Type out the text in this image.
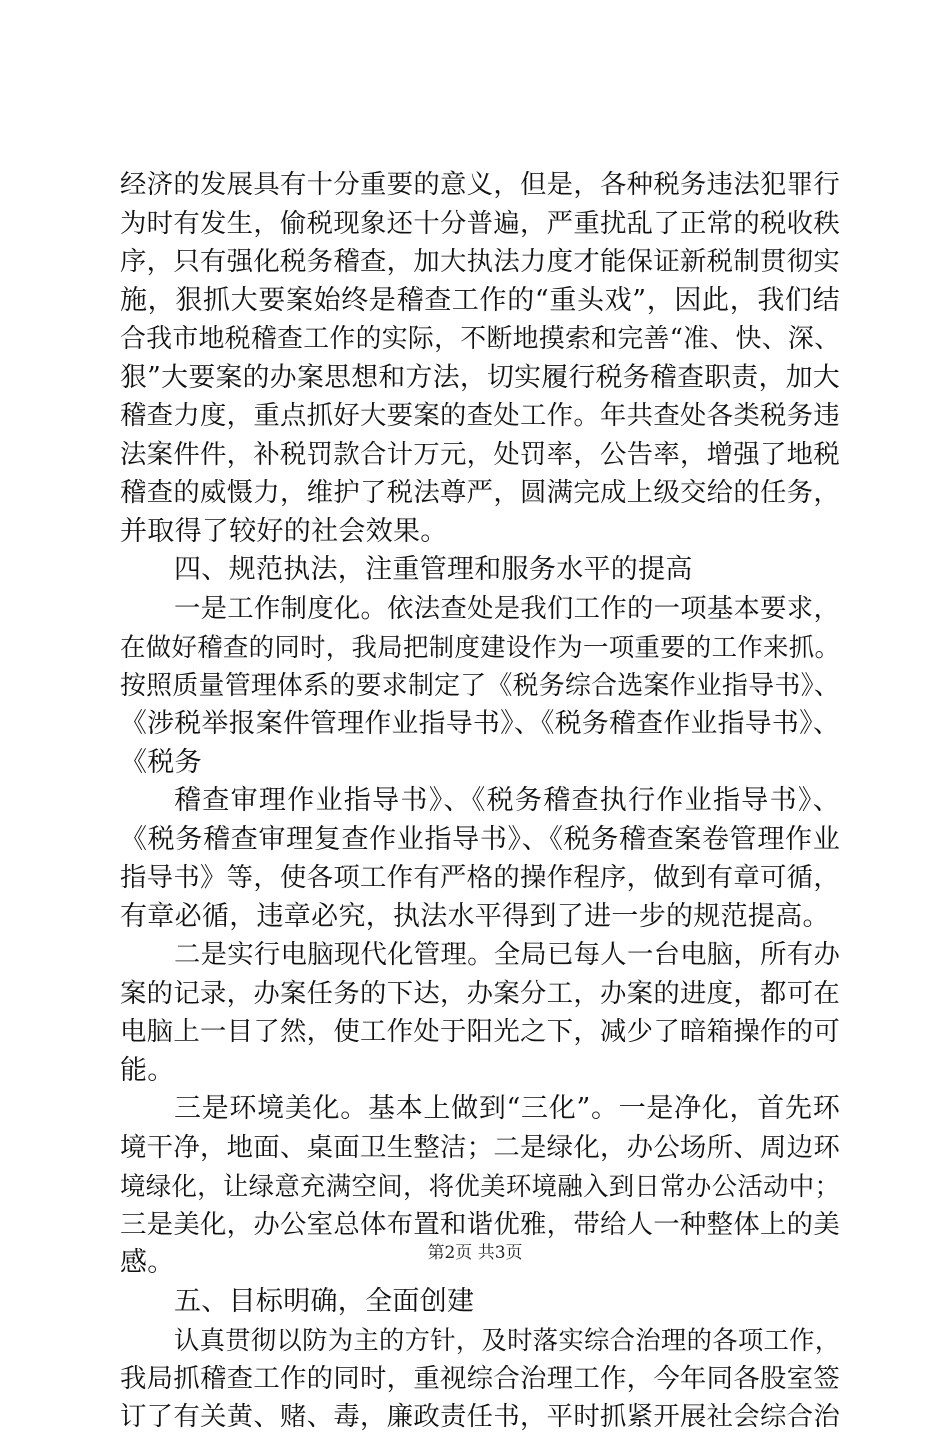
经济的发展具有十分重要的意义，但是，各种税务违法犯罪行
为时有发生，偷税现象还十分普遍，严重扰乱了正常的税收秩
序，只有强化税务稽查，加大执法力度才能保证新税制贯彻实
施，狠抓大要案始终是稽查工作的“重头戏”，因此，我们结
合我市地税稽查工作的实际，不断地摸索和完善“准、快、深、
狠”大要案的办案思想和方法，切实履行税务稽查职责，加大
稽查力度，重点抓好大要案的查处工作。年共查处各类税务违
法案件件，补税罚款合计万元，处罚率，公告率，增强了地税
稽查的威慑力，维护了税法尊严，圆满完成上级交给的任务，
并取得了较好的社会效果。
四、规范执法，注重管理和服务水平的提高
一是工作制度化。依法查处是我们工作的一项基本要求，
在做好稽查的同时，我局把制度建设作为一项重要的工作来抓。
按照质量管理体系的要求制定了《税务综合选案作业指导书》、
《涉税举报案件管理作业指导书》、《税务稽查作业指导书》、
《税务
稽查审理作业指导书》、《税务稽查执行作业指导书》、
《税务稽查审理复查作业指导书》、《税务稽查案卷管理作业
指导书》等，使各项工作有严格的操作程序，做到有章可循，
有章必循，违章必究，执法水平得到了进一步的规范提高。
二是实行电脑现代化管理。全局已每人一台电脑，所有办
案的记录，办案任务的下达，办案分工，办案的进度，都可在
电脑上一目了然，使工作处于阳光之下，减少了暗箱操作的可
能。
三是环境美化。基本上做到“三化”。一是净化，首先环
境干净，地面、桌面卫生整洁；二是绿化，办公场所、周边环
境绿化，让绿意充满空间，将优美环境融入到日常办公活动中；
三是美化，办公室总体布置和谐优雅，带给人一种整体上的美
感。
五、目标明确，全面创建
认真贯彻以防为主的方针，及时落实综合治理的各项工作，
我局抓稽查工作的同时，重视综合治理工作，今年同各股室签
订了有关黄、赌、毒，廉政责任书，平时抓紧开展社会综合治
第2页 共3页
